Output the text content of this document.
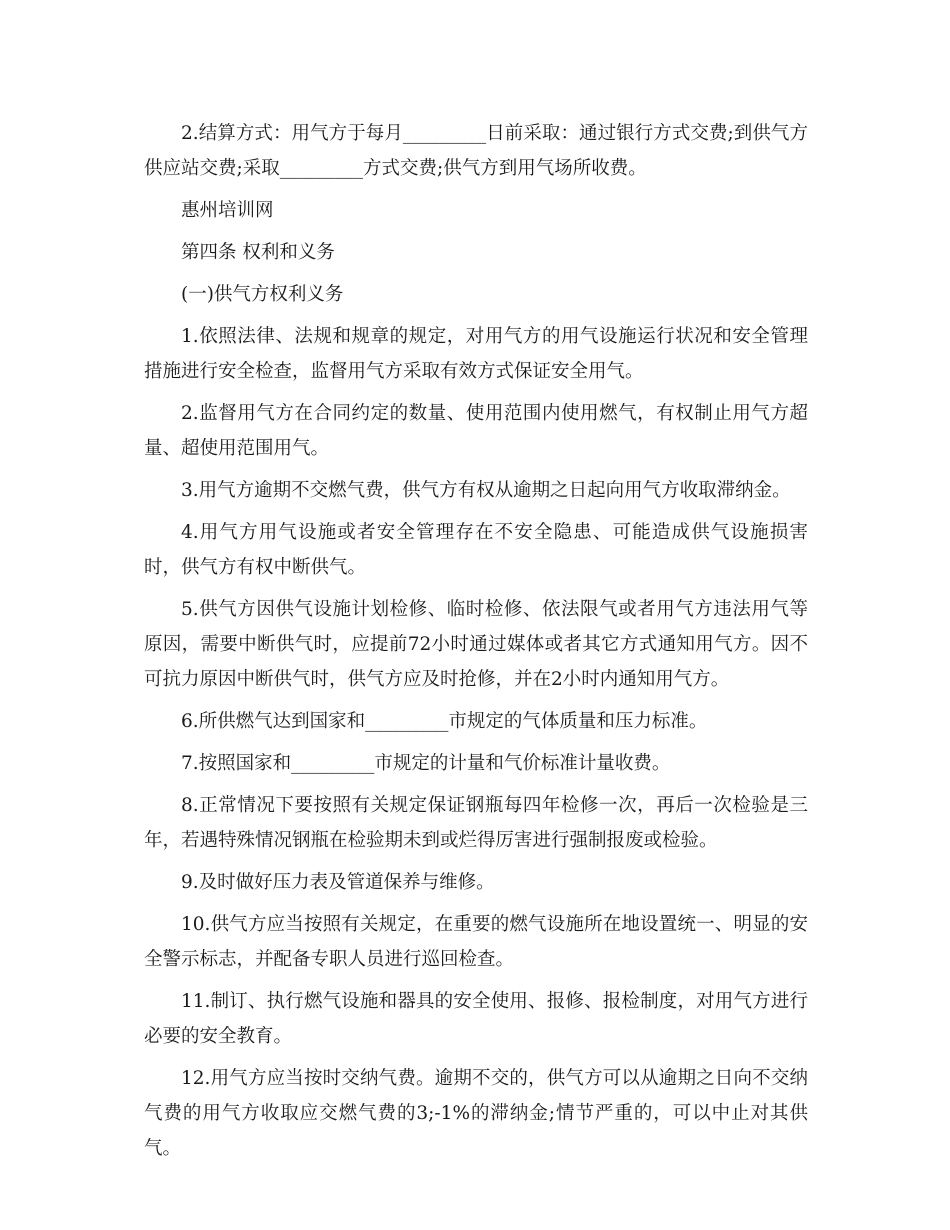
2.结算方式：用气方于每月_________日前采取：通过银行方式交费;到供气方供应站交费;采取_________方式交费;供气方到用气场所收费。

惠州培训网

第四条 权利和义务

(一)供气方权利义务

1.依照法律、法规和规章的规定，对用气方的用气设施运行状况和安全管理措施进行安全检查，监督用气方采取有效方式保证安全用气。

2.监督用气方在合同约定的数量、使用范围内使用燃气，有权制止用气方超量、超使用范围用气。

3.用气方逾期不交燃气费，供气方有权从逾期之日起向用气方收取滞纳金。

4.用气方用气设施或者安全管理存在不安全隐患、可能造成供气设施损害时，供气方有权中断供气。

5.供气方因供气设施计划检修、临时检修、依法限气或者用气方违法用气等原因，需要中断供气时，应提前72小时通过媒体或者其它方式通知用气方。因不可抗力原因中断供气时，供气方应及时抢修，并在2小时内通知用气方。

6.所供燃气达到国家和_________市规定的气体质量和压力标准。

7.按照国家和_________市规定的计量和气价标准计量收费。

8.正常情况下要按照有关规定保证钢瓶每四年检修一次，再后一次检验是三年，若遇特殊情况钢瓶在检验期未到或烂得厉害进行强制报废或检验。

9.及时做好压力表及管道保养与维修。

10.供气方应当按照有关规定，在重要的燃气设施所在地设置统一、明显的安全警示标志，并配备专职人员进行巡回检查。

11.制订、执行燃气设施和器具的安全使用、报修、报检制度，对用气方进行必要的安全教育。

12.用气方应当按时交纳气费。逾期不交的，供气方可以从逾期之日向不交纳气费的用气方收取应交燃气费的3;-1%的滞纳金;情节严重的，可以中止对其供气。
